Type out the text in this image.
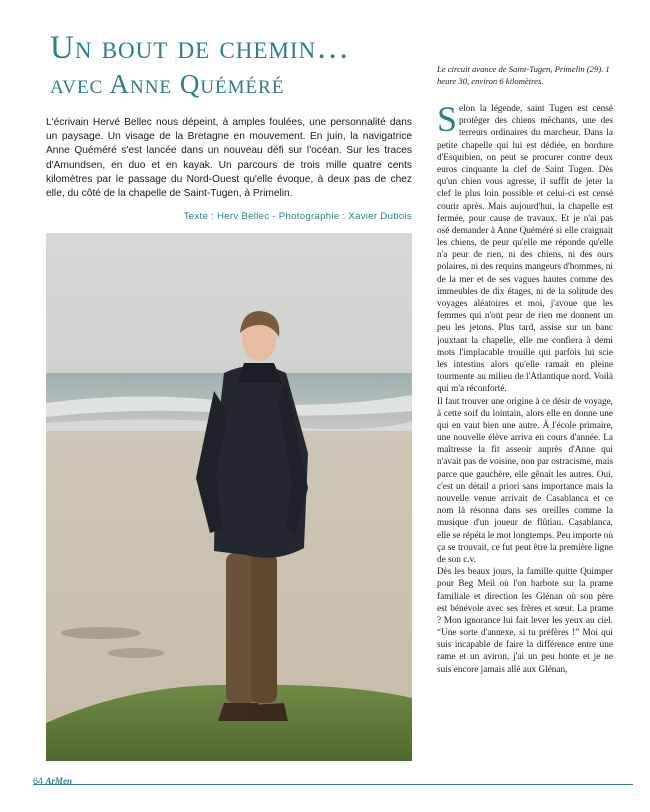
Un bout de chemin…
avec Anne Quéméré
L'écrivain Hervé Bellec nous dépeint, à amples foulées, une personnalité dans un paysage. Un visage de la Bretagne en mouvement. En juin, la navigatrice Anne Quéméré s'est lancée dans un nouveau défi sur l'océan. Sur les traces d'Amundsen, en duo et en kayak. Un parcours de trois mille quatre cents kilomètres par le passage du Nord-Ouest qu'elle évoque, à deux pas de chez elle, du côté de la chapelle de Saint-Tugen, à Primelin.
Texte : Herv Bellec - Photographie : Xavier Dubois
Le circuit avance de Saint-Tugen, Primelin (29). 1 heure 30, environ 6 kilomètres.

Selon la légende, saint Tugen est censé protéger des chiens méchants, une des terreurs ordinaires du marcheur. Dans la petite chapelle qui lui est dédiée, en bordure d'Esquibien, on peut se procurer contre deux euros cinquante la clef de Saint Tugen. Dès qu'un chien vous agresse, il suffit de jeter la clef le plus loin possible et celui-ci est censé courir après. Mais aujourd'hui, la chapelle est fermée, pour cause de travaux. Et je n'ai pas osé demander à Anne Quéméré si elle craignait les chiens, de peur qu'elle me réponde qu'elle n'a peur de rien, ni des chiens, ni des ours polaires, ni des requins mangeurs d'hommes, ni de la mer et de ses vagues hautes comme des immeubles de dix étages, ni de la solitude des voyages aléatoires et moi, j'avoue que les femmes qui n'ont peur de rien me donnent un peu les jetons. Plus tard, assise sur un banc jouxtant la chapelle, elle me confiera à demi mots l'implacable trouille qui parfois lui scie les intestins alors qu'elle ramait en pleine tourmente au milieu de l'Atlantique nord. Voilà qui m'a réconforté.

Il faut trouver une origine à ce désir de voyage, à cette soif du lointain, alors elle en donne une qui en vaut bien une autre. À l'école primaire, une nouvelle élève arriva en cours d'année. La maîtresse la fit asseoir auprès d'Anne qui n'avait pas de voisine, non par ostracisme, mais parce que gauchère, elle gênait les autres. Oui, c'est un détail a priori sans importance mais la nouvelle venue arrivait de Casablanca et ce nom là résonna dans ses oreilles comme la musique d'un joueur de flûtiau. Casablanca, elle se répéta le mot longtemps. Peu importe où ça se trouvait, ce fut peut être la première ligne de son c.v.

Dès les beaux jours, la famille quitte Quimper pour Beg Meil où l'on barbote sur la prame familiale et direction les Glénan où son père est bénévole avec ses frères et sœur. La prame ? Mon ignorance lui fait lever les yeux au ciel. “Une sorte d'annexe, si tu préfères !” Moi qui suis incapable de faire la différence entre une rame et un aviron, j'ai un peu honte et je ne suis encore jamais allé aux Glénan,

64 ArMen
